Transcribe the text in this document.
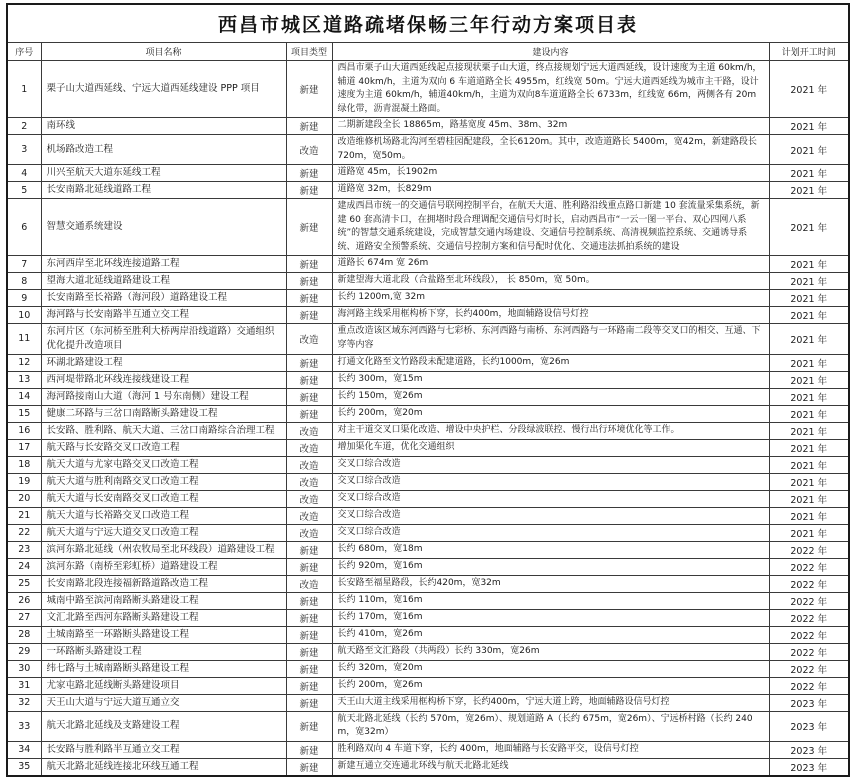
西昌市城区道路疏堵保畅三年行动方案项目表				
序号	项目名称	项目类型	建设内容	计划开工时间
1	栗子山大道西延线、宁远大道西延线建设 PPP 项目	新建	西昌市栗子山大道西延线起点接现状栗子山大道，终点接规划宁远大道西延线，设计速度为主道 60km/h，辅道 40km/h，主道为双向 6 车道道路全长 4955m，红线宽 50m。宁远大道西延线为城市主干路，设计速度为主道 60km/h，辅道40km/h，主道为双向8车道道路全长 6733m，红线宽 66m，两侧各有 20m 绿化带，沥青混凝土路面。	2021 年
2	南环线	新建	二期新建段全长 18865m，路基宽度 45m、38m、32m	2021 年
3	机场路改造工程	改造	改造维修机场路北沟河至碧桂园配建段，全长6120m。其中，改造道路长 5400m，宽42m，新建路段长 720m，宽50m。	2021 年
4	川兴至航天大道东延线工程	新建	道路宽 45m，长1902m	2021 年
5	长安南路北延线道路工程	新建	道路宽 32m，长829m	2021 年
6	智慧交通系统建设	新建	建成西昌市统一的交通信号联网控制平台，在航天大道、胜利路沿线重点路口新建 10 套流量采集系统，新建 60 套高清卡口，在拥堵时段合理调配交通信号灯时长，启动西昌市“一云一图一平台、双心四网八系统”的智慧交通系统建设，完成智慧交通内场建设、交通信号控制系统、高清视频监控系统、交通诱导系统、道路安全预警系统、交通信号控制方案和信号配时优化、交通违法抓拍系统的建设	2021 年
7	东河西岸至北环线连接道路工程	新建	道路长 674m 宽 26m	2021 年
8	望海大道北延线道路建设工程	新建	新建望海大道北段（合盐路至北环线段）， 长 850m，宽 50m。	2021 年
9	长安南路至长裕路（海河段）道路建设工程	新建	长约 1200m,宽 32m	2021 年
10	海河路与长安南路半互通立交工程	新建	海河路主线采用框构桥下穿，长约400m，地面辅路设信号灯控	2021 年
11	东河片区（东河桥至胜利大桥两岸沿线道路）交通组织优化提升改造项目	改造	重点改造该区域东河西路与七彩桥、东河西路与南桥、东河西路与一环路南二段等交叉口的相交、互通、下穿等内容	2021 年
12	环湖北路建设工程	新建	打通文化路至文竹路段未配建道路，长约1000m，宽26m	2021 年
13	西河堤带路北环线连接线建设工程	新建	长约 300m，宽15m	2021 年
14	海河路接南山大道（海河 1 号东南侧）建设工程	新建	长约 150m，宽26m	2021 年
15	健康二环路与三岔口南路断头路建设工程	新建	长约 200m，宽20m	2021 年
16	长安路、胜利路、航天大道、三岔口南路综合治理工程	改造	对主干道交叉口渠化改造、增设中央护栏、分段绿波联控、慢行出行环境优化等工作。	2021 年
17	航天路与长安路交叉口改造工程	改造	增加渠化车道，优化交通组织	2021 年
18	航天大道与尤家屯路交叉口改造工程	改造	交叉口综合改造	2021 年
19	航天大道与胜利南路交叉口改造工程	改造	交叉口综合改造	2021 年
20	航天大道与长安南路交叉口改造工程	改造	交叉口综合改造	2021 年
21	航天大道与长裕路交叉口改造工程	改造	交叉口综合改造	2021 年
22	航天大道与宁远大道交叉口改造工程	改造	交叉口综合改造	2021 年
23	滨河东路北延线（州农牧局至北环线段）道路建设工程	新建	长约 680m，宽18m	2022 年
24	滨河东路（南桥至彩虹桥）道路建设工程	新建	长约 920m，宽16m	2022 年
25	长安南路北段连接福新路道路改造工程	改造	长安路至福星路段，长约420m，宽32m	2022 年
26	城南中路至滨河南路断头路建设工程	新建	长约 110m，宽16m	2022 年
27	文汇北路至西河东路断头路建设工程	新建	长约 170m，宽16m	2022 年
28	土城南路至一环路断头路建设工程	新建	长约 410m，宽26m	2022 年
29	一环路断头路建设工程	新建	航天路至文汇路段（共两段）长约 330m，宽26m	2022 年
30	纬七路与土城南路断头路建设工程	新建	长约 320m，宽20m	2022 年
31	尤家屯路北延线断头路建设项目	新建	长约 200m，宽26m	2022 年
32	天王山大道与宁远大道互通立交	新建	天王山大道主线采用框构桥下穿，长约400m，宁远大道上跨，地面辅路设信号灯控	2023 年
33	航天北路北延线及支路建设工程	新建	航天北路北延线（长约 570m，宽26m）、规划道路 A（长约 675m，宽26m）、宁远桥村路（长约 240m，宽32m）	2023 年
34	长安路与胜利路半互通立交工程	新建	胜利路双向 4 车道下穿，长约 400m，地面辅路与长安路平交，设信号灯控	2023 年
35	航天北路北延线连接北环线互通工程	新建	新建互通立交连通北环线与航天北路北延线	2023 年
